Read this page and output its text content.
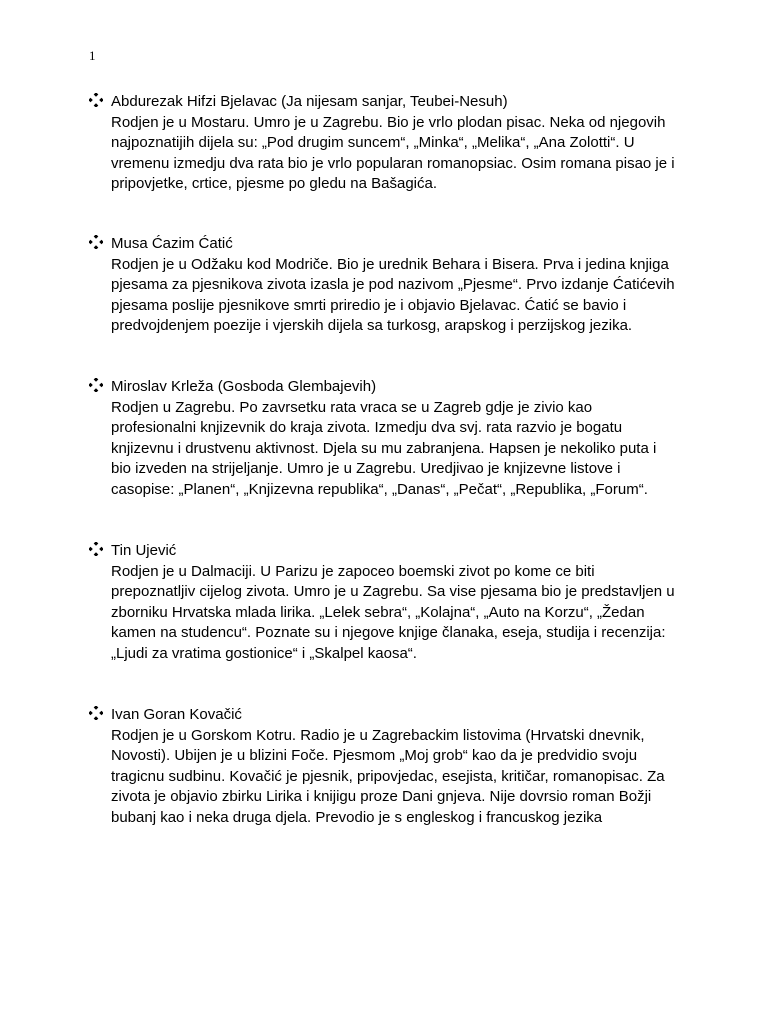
1
Abdurezak Hifzi Bjelavac (Ja nijesam sanjar, Teubei-Nesuh)
Rodjen je u Mostaru. Umro je u Zagrebu. Bio je vrlo plodan pisac. Neka od njegovih
najpoznatijih dijela su: „Pod drugim suncem“, „Minka“, „Melika“, „Ana Zolotti“. U
vremenu izmedju dva rata bio je vrlo popularan romanopsiac. Osim romana pisao je i
pripovjetke, crtice, pjesme po gledu na Bašagića.
Musa Ćazim Ćatić
Rodjen je u Odžaku kod Modriče. Bio je urednik Behara i Bisera. Prva i jedina knjiga
pjesama za pjesnikova zivota izasla je pod nazivom „Pjesme“. Prvo izdanje Ćatićevih
pjesama poslije pjesnikove smrti priredio je i objavio Bjelavac. Ćatić se bavio i
predvojdenjem poezije i vjerskih dijela sa turkosg, arapskog i perzijskog jezika.
Miroslav Krleža (Gosboda Glembajevih)
Rodjen u Zagrebu. Po zavrsetku rata vraca se u Zagreb gdje je zivio kao
profesionalni knjizevnik do kraja zivota. Izmedju dva svj. rata razvio je bogatu
knjizevnu i drustvenu aktivnost. Djela su mu zabranjena. Hapsen je nekoliko puta i
bio izveden na strijeljanje. Umro je u Zagrebu. Uredjivao je knjizevne listove i
casopise: „Planen“, „Knjizevna republika“, „Danas“, „Pečat“, „Republika, „Forum“.
Tin Ujević
Rodjen je u Dalmaciji. U Parizu je zapoceo boemski zivot po kome ce biti
prepoznatljiv cijelog zivota. Umro je u Zagrebu. Sa vise pjesama bio je predstavljen u
zborniku Hrvatska mlada lirika. „Lelek sebra“, „Kolajna“, „Auto na Korzu“, „Žedan
kamen na studencu“. Poznate su i njegove knjige članaka, eseja, studija i recenzija:
„Ljudi za vratima gostionice“ i „Skalpel kaosa“.
Ivan Goran Kovačić
Rodjen je u Gorskom Kotru. Radio je u Zagrebackim listovima (Hrvatski dnevnik,
Novosti). Ubijen je u blizini Foče. Pjesmom „Moj grob“ kao da je predvidio svoju
tragicnu sudbinu. Kovačić je pjesnik, pripovjedac, esejista, kritičar, romanopisac. Za
zivota je objavio zbirku Lirika i knijigu proze Dani gnjeva. Nije dovrsio roman Božji
bubanj kao i neka druga djela. Prevodio je s engleskog i francuskog jezika
